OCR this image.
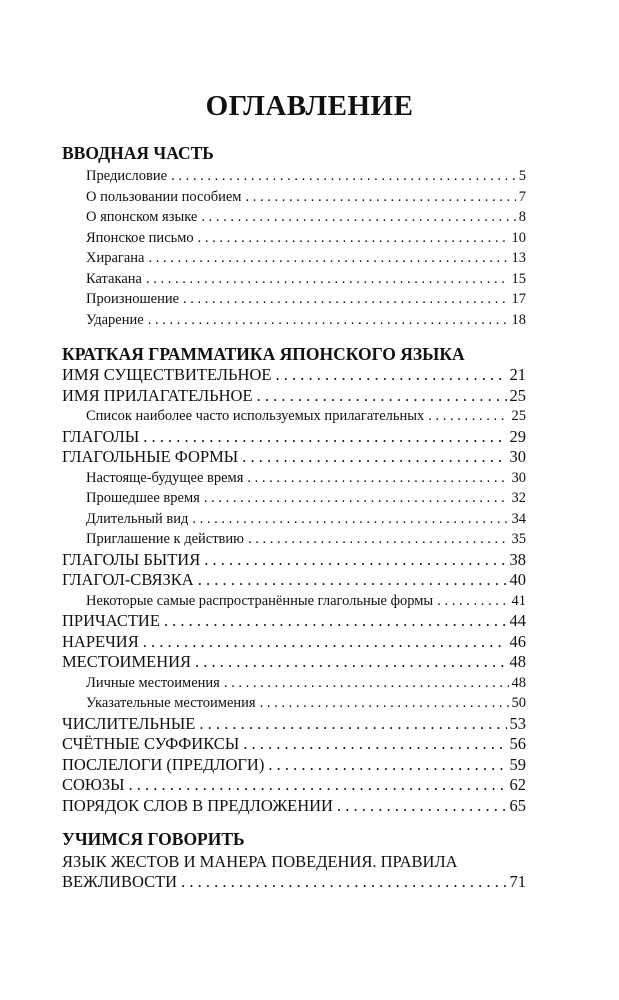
ОГЛАВЛЕНИЕ
ВВОДНАЯ ЧАСТЬ
Предисловие . . .	5
О пользовании пособием . . .	7
О японском языке . . .	8
Японское письмо . . .	10
Хирагана . . .	13
Катакана . . .	15
Произношение . . .	17
Ударение . . .	18
КРАТКАЯ ГРАММАТИКА ЯПОНСКОГО ЯЗЫКА
ИМЯ СУЩЕСТВИТЕЛЬНОЕ . . .	21
ИМЯ ПРИЛАГАТЕЛЬНОЕ . . .	25
Список наиболее часто используемых прилагательных . . .	25
ГЛАГОЛЫ . . .	29
ГЛАГОЛЬНЫЕ ФОРМЫ . . .	30
Настояще-будущее время . . .	30
Прошедшее время . . .	32
Длительный вид . . .	34
Приглашение к действию . . .	35
ГЛАГОЛЫ БЫТИЯ . . .	38
ГЛАГОЛ-СВЯЗКА . . .	40
Некоторые самые распространённые глагольные формы . . .	41
ПРИЧАСТИЕ . . .	44
НАРЕЧИЯ . . .	46
МЕСТОИМЕНИЯ . . .	48
Личные местоимения . . .	48
Указательные местоимения . . .	50
ЧИСЛИТЕЛЬНЫЕ . . .	53
СЧЁТНЫЕ СУФФИКСЫ . . .	56
ПОСЛЕЛОГИ (ПРЕДЛОГИ) . . .	59
СОЮЗЫ . . .	62
ПОРЯДОК СЛОВ В ПРЕДЛОЖЕНИИ . . .	65
УЧИМСЯ ГОВОРИТЬ
ЯЗЫК ЖЕСТОВ И МАНЕРА ПОВЕДЕНИЯ. ПРАВИЛА
ВЕЖЛИВОСТИ . . .	71
